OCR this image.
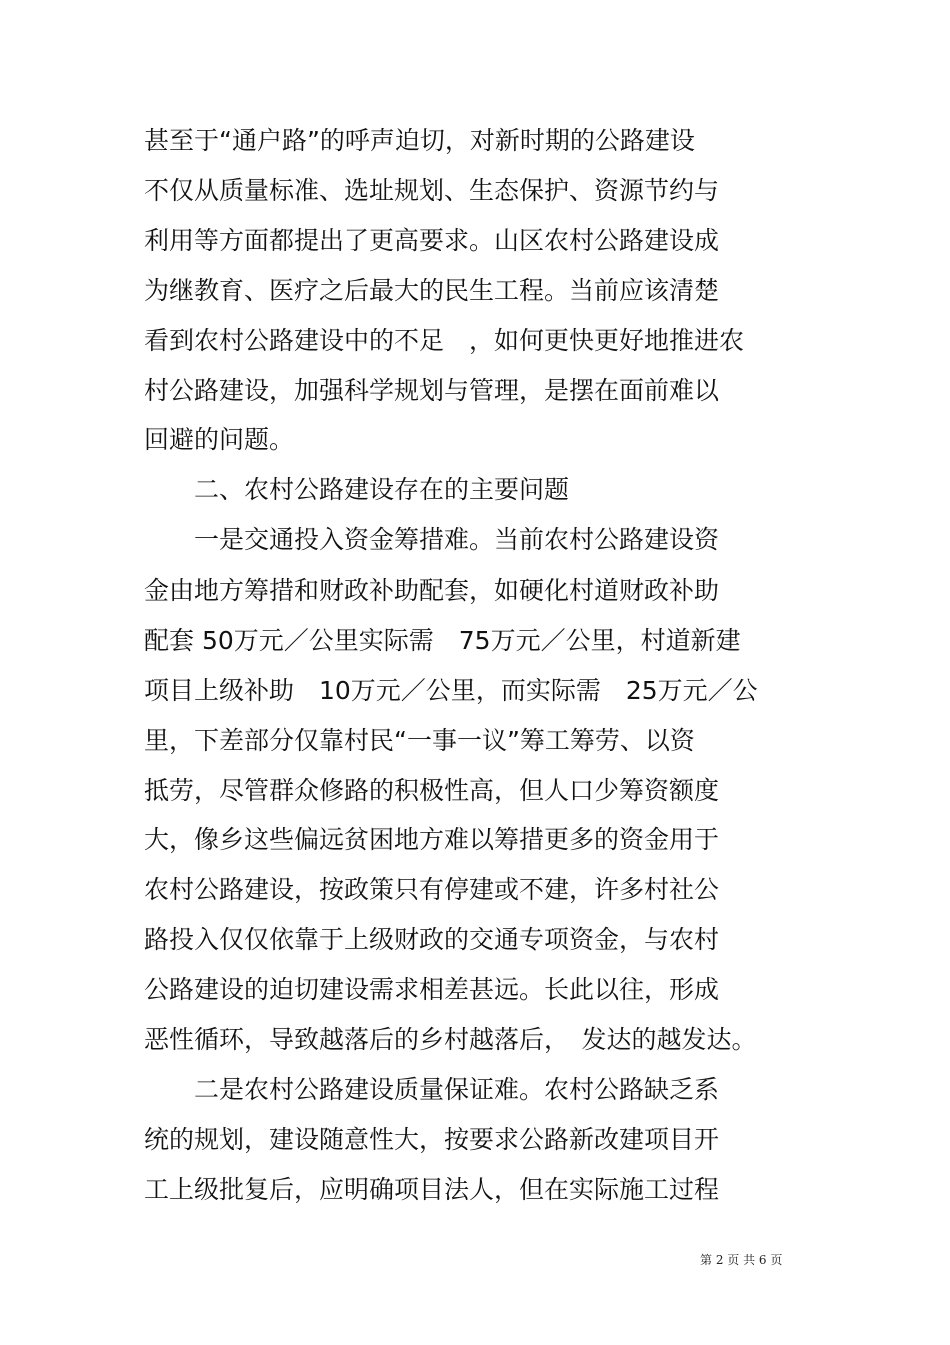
甚至于“通户路”的呼声迫切，对新时期的公路建设
不仅从质量标准、选址规划、生态保护、资源节约与
利用等方面都提出了更高要求。山区农村公路建设成
为继教育、医疗之后最大的民生工程。当前应该清楚
看到农村公路建设中的不足　，如何更快更好地推进农
村公路建设，加强科学规划与管理，是摆在面前难以
回避的问题。
　　二、农村公路建设存在的主要问题
　　一是交通投入资金筹措难。当前农村公路建设资
金由地方筹措和财政补助配套，如硬化村道财政补助
配套 50万元／公里实际需　75万元／公里，村道新建
项目上级补助　10万元／公里，而实际需　25万元／公
里，下差部分仅靠村民“一事一议”筹工筹劳、以资
抵劳，尽管群众修路的积极性高，但人口少筹资额度
大，像乡这些偏远贫困地方难以筹措更多的资金用于
农村公路建设，按政策只有停建或不建，许多村社公
路投入仅仅依靠于上级财政的交通专项资金，与农村
公路建设的迫切建设需求相差甚远。长此以往，形成
恶性循环，导致越落后的乡村越落后，　发达的越发达。
　　二是农村公路建设质量保证难。农村公路缺乏系
统的规划，建设随意性大，按要求公路新改建项目开
工上级批复后，应明确项目法人，但在实际施工过程
第 2 页 共 6 页
